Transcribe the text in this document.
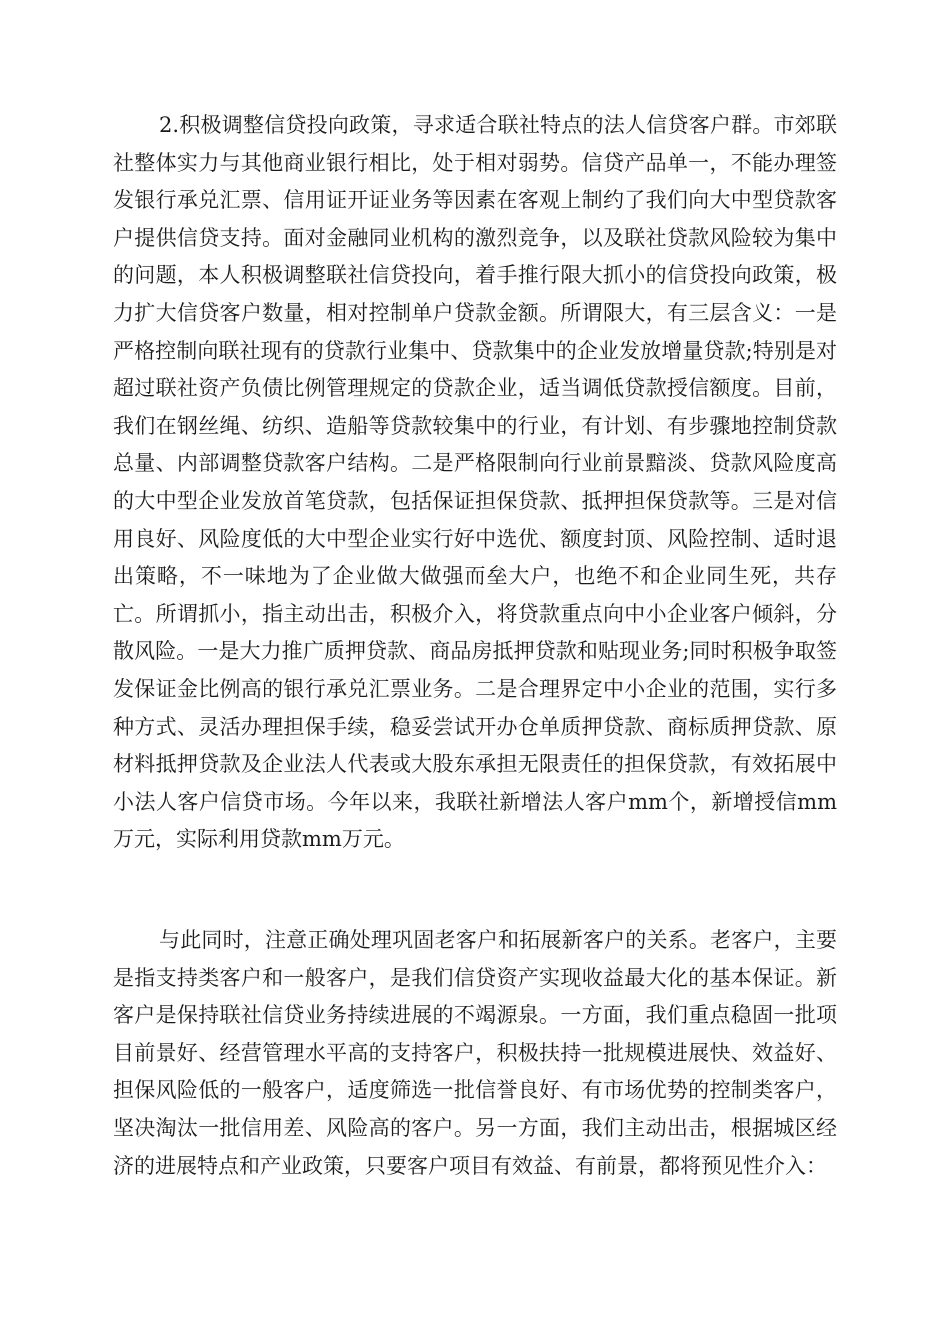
2.积极调整信贷投向政策，寻求适合联社特点的法人信贷客户群。市郊联社整体实力与其他商业银行相比，处于相对弱势。信贷产品单一，不能办理签发银行承兑汇票、信用证开证业务等因素在客观上制约了我们向大中型贷款客户提供信贷支持。面对金融同业机构的激烈竞争，以及联社贷款风险较为集中的问题，本人积极调整联社信贷投向，着手推行限大抓小的信贷投向政策，极力扩大信贷客户数量，相对控制单户贷款金额。所谓限大，有三层含义：一是严格控制向联社现有的贷款行业集中、贷款集中的企业发放增量贷款;特别是对超过联社资产负债比例管理规定的贷款企业，适当调低贷款授信额度。目前，我们在钢丝绳、纺织、造船等贷款较集中的行业，有计划、有步骤地控制贷款总量、内部调整贷款客户结构。二是严格限制向行业前景黯淡、贷款风险度高的大中型企业发放首笔贷款，包括保证担保贷款、抵押担保贷款等。三是对信用良好、风险度低的大中型企业实行好中选优、额度封顶、风险控制、适时退出策略，不一味地为了企业做大做强而垒大户，也绝不和企业同生死，共存亡。所谓抓小，指主动出击，积极介入，将贷款重点向中小企业客户倾斜，分散风险。一是大力推广质押贷款、商品房抵押贷款和贴现业务;同时积极争取签发保证金比例高的银行承兑汇票业务。二是合理界定中小企业的范围，实行多种方式、灵活办理担保手续，稳妥尝试开办仓单质押贷款、商标质押贷款、原材料抵押贷款及企业法人代表或大股东承担无限责任的担保贷款，有效拓展中小法人客户信贷市场。今年以来，我联社新增法人客户mm个，新增授信mm万元，实际利用贷款mm万元。

与此同时，注意正确处理巩固老客户和拓展新客户的关系。老客户，主要是指支持类客户和一般客户，是我们信贷资产实现收益最大化的基本保证。新客户是保持联社信贷业务持续进展的不竭源泉。一方面，我们重点稳固一批项目前景好、经营管理水平高的支持客户，积极扶持一批规模进展快、效益好、担保风险低的一般客户，适度筛选一批信誉良好、有市场优势的控制类客户，坚决淘汰一批信用差、风险高的客户。另一方面，我们主动出击，根据城区经济的进展特点和产业政策，只要客户项目有效益、有前景，都将预见性介入：
